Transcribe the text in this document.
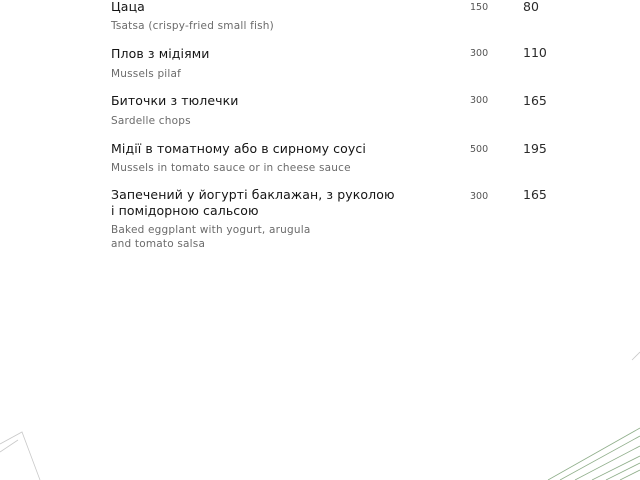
Цаца
Tsatsa (crispy-fried small fish)
150	80
Плов з мідіями
Mussels pilaf
300	110
Биточки з тюлечки
Sardelle chops
300	165
Мідії в томатному або в сирному соусі
Mussels in tomato sauce or in cheese sauce
500	195
Запечений у йогурті баклажан, з руколою
і помідорною сальсою
Baked eggplant with yogurt, arugula
and tomato salsa
300	165
